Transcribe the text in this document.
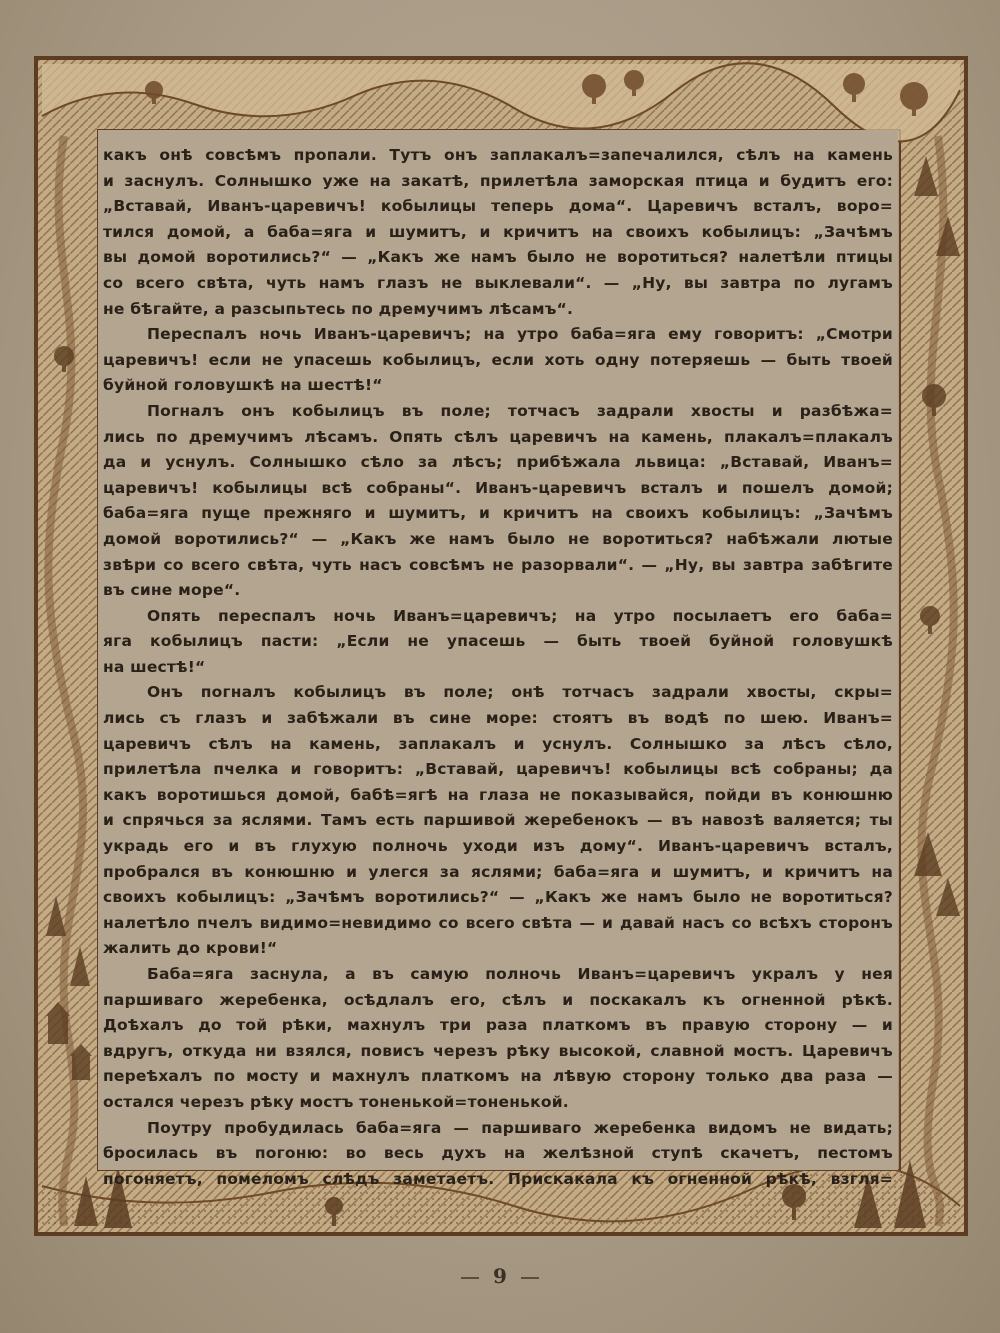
какъ онѣ совсѣмъ пропали. Тутъ онъ заплакалъ=запечалился, сѣлъ на камень
и заснулъ. Солнышко уже на закатѣ, прилетѣла заморская птица и будитъ его:
„Вставай, Иванъ-царевичъ! кобылицы теперь дома“. Царевичъ всталъ, воро=
тился домой, а баба=яга и шумитъ, и кричитъ на своихъ кобылицъ: „Зачѣмъ
вы домой воротились?“ — „Какъ же намъ было не воротиться? налетѣли птицы
со всего свѣта, чуть намъ глазъ не выклевали“. — „Ну, вы завтра по лугамъ
не бѣгайте, а разсыпьтесь по дремучимъ лѣсамъ“.
Переспалъ ночь Иванъ-царевичъ; на утро баба=яга ему говоритъ: „Смотри
царевичъ! если не упасешь кобылицъ, если хоть одну потеряешь — быть твоей
буйной головушкѣ на шестѣ!“
Погналъ онъ кобылицъ въ поле; тотчасъ задрали хвосты и разбѣжа=
лись по дремучимъ лѣсамъ. Опять сѣлъ царевичъ на камень, плакалъ=плакалъ
да и уснулъ. Солнышко сѣло за лѣсъ; прибѣжала львица: „Вставай, Иванъ=
царевичъ! кобылицы всѣ собраны“. Иванъ-царевичъ всталъ и пошелъ домой;
баба=яга пуще прежняго и шумитъ, и кричитъ на своихъ кобылицъ: „Зачѣмъ
домой воротились?“ — „Какъ же намъ было не воротиться? набѣжали лютые
звѣри со всего свѣта, чуть насъ совсѣмъ не разорвали“. — „Ну, вы завтра забѣгите
въ сине море“.
Опять переспалъ ночь Иванъ=царевичъ; на утро посылаетъ его баба=
яга кобылицъ пасти: „Если не упасешь — быть твоей буйной головушкѣ
на шестѣ!“
Онъ погналъ кобылицъ въ поле; онѣ тотчасъ задрали хвосты, скры=
лись съ глазъ и забѣжали въ сине море: стоятъ въ водѣ по шею. Иванъ=
царевичъ сѣлъ на камень, заплакалъ и уснулъ. Солнышко за лѣсъ сѣло,
прилетѣла пчелка и говоритъ: „Вставай, царевичъ! кобылицы всѣ собраны; да
какъ воротишься домой, бабѣ=ягѣ на глаза не показывайся, пойди въ конюшню
и спрячься за яслями. Тамъ есть паршивой жеребенокъ — въ навозѣ валяется; ты
украдь его и въ глухую полночь уходи изъ дому“. Иванъ-царевичъ всталъ,
пробрался въ конюшню и улегся за яслями; баба=яга и шумитъ, и кричитъ на
своихъ кобылицъ: „Зачѣмъ воротились?“ — „Какъ же намъ было не воротиться?
налетѣло пчелъ видимо=невидимо со всего свѣта — и давай насъ со всѣхъ сторонъ
жалить до крови!“
Баба=яга заснула, а въ самую полночь Иванъ=царевичъ укралъ у нея
паршиваго жеребенка, осѣдлалъ его, сѣлъ и поскакалъ къ огненной рѣкѣ.
Доѣхалъ до той рѣки, махнулъ три раза платкомъ въ правую сторону — и
вдругъ, откуда ни взялся, повисъ черезъ рѣку высокой, славной мостъ. Царевичъ
переѣхалъ по мосту и махнулъ платкомъ на лѣвую сторону только два раза —
остался черезъ рѣку мостъ тоненькой=тоненькой.
Поутру пробудилась баба=яга — паршиваго жеребенка видомъ не видать;
бросилась въ погоню: во весь духъ на желѣзной ступѣ скачетъ, пестомъ
погоняетъ, помеломъ слѣдъ заметаетъ. Прискакала къ огненной рѣкѣ, взгля=
9
